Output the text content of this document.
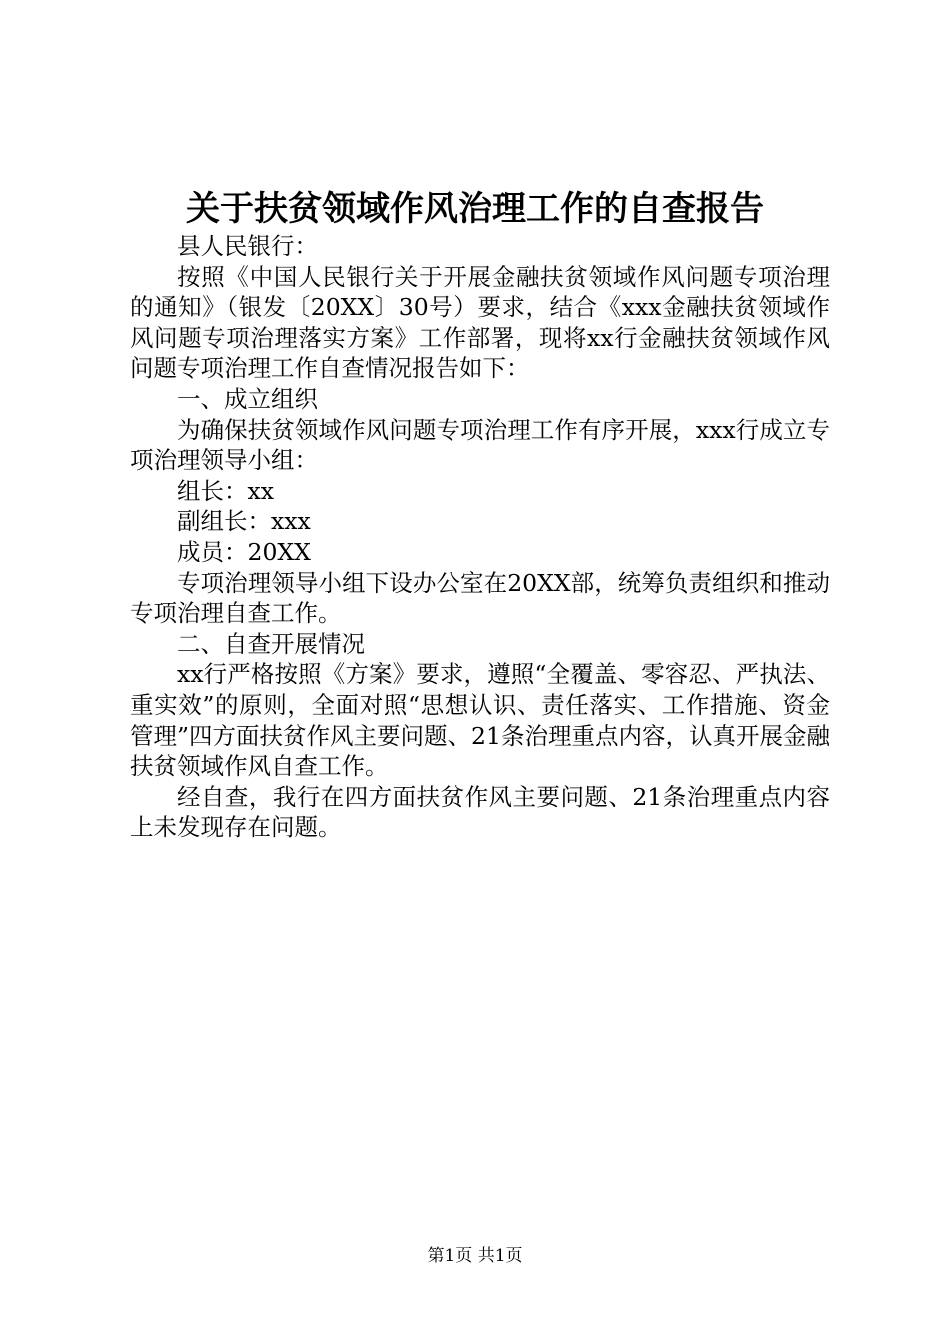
关于扶贫领域作风治理工作的自查报告

县人民银行：

按照《中国人民银行关于开展金融扶贫领域作风问题专项治理的通知》（银发〔20XX〕30号）要求，结合《xxx金融扶贫领域作风问题专项治理落实方案》工作部署，现将xx行金融扶贫领域作风问题专项治理工作自查情况报告如下：

一、成立组织

为确保扶贫领域作风问题专项治理工作有序开展，xxx行成立专项治理领导小组：

组长：xx

副组长：xxx

成员：20XX

专项治理领导小组下设办公室在20XX部，统筹负责组织和推动专项治理自查工作。

二、自查开展情况

xx行严格按照《方案》要求，遵照“全覆盖、零容忍、严执法、重实效”的原则，全面对照“思想认识、责任落实、工作措施、资金管理”四方面扶贫作风主要问题、21条治理重点内容，认真开展金融扶贫领域作风自查工作。

经自查，我行在四方面扶贫作风主要问题、21条治理重点内容上未发现存在问题。

第1页 共1页
